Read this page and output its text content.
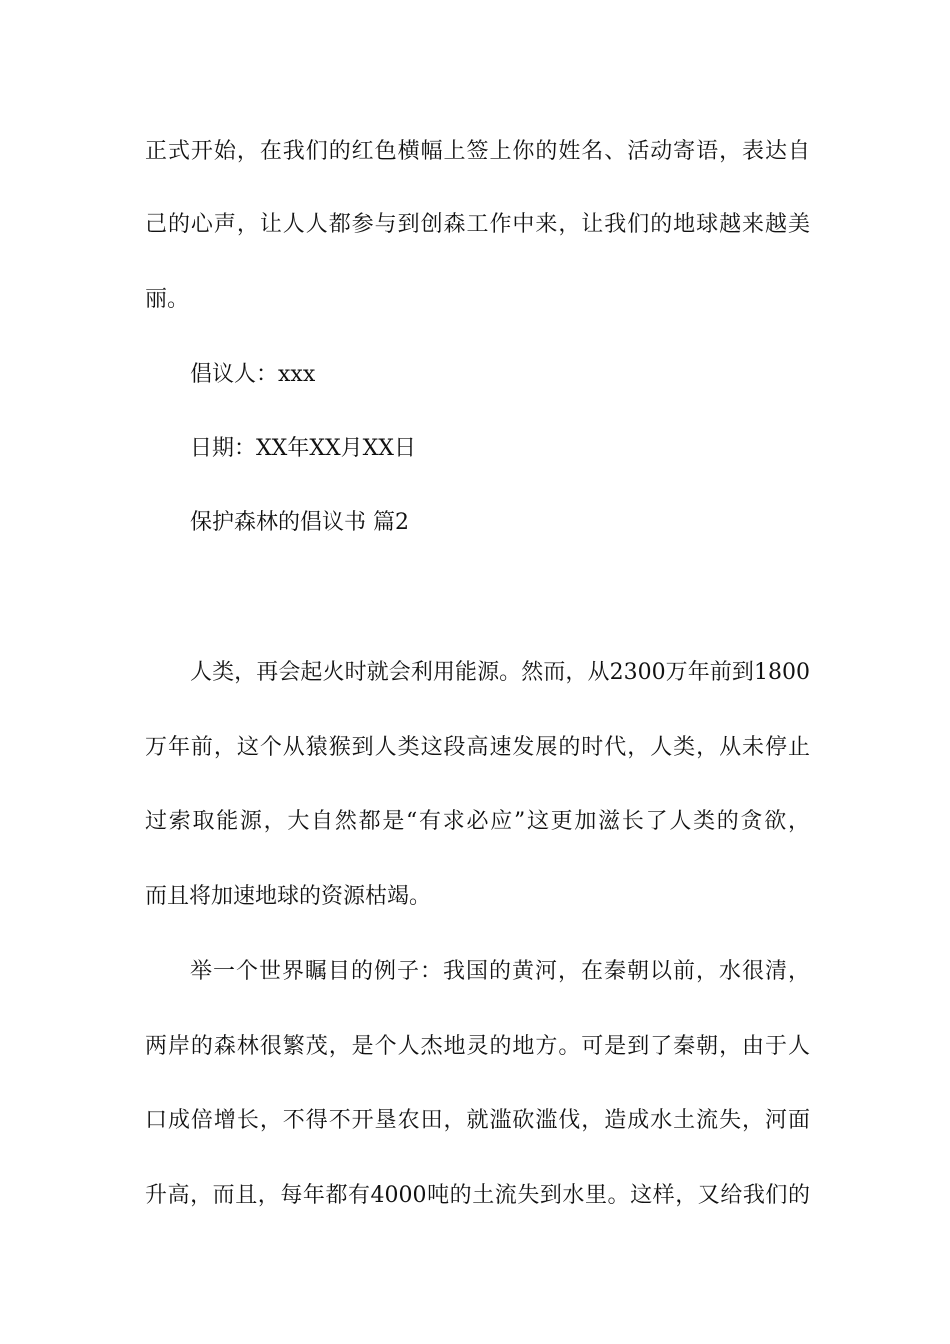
正式开始，在我们的红色横幅上签上你的姓名、活动寄语，表达自
己的心声，让人人都参与到创森工作中来，让我们的地球越来越美
丽。
倡议人：xxx
日期：XX年XX月XX日
保护森林的倡议书 篇2
人类，再会起火时就会利用能源。然而，从2300万年前到1800
万年前，这个从猿猴到人类这段高速发展的时代，人类，从未停止
过索取能源，大自然都是“有求必应”这更加滋长了人类的贪欲，
而且将加速地球的资源枯竭。
举一个世界瞩目的例子：我国的黄河，在秦朝以前，水很清，
两岸的森林很繁茂，是个人杰地灵的地方。可是到了秦朝，由于人
口成倍增长，不得不开垦农田，就滥砍滥伐，造成水土流失，河面
升高，而且，每年都有4000吨的土流失到水里。这样，又给我们的
